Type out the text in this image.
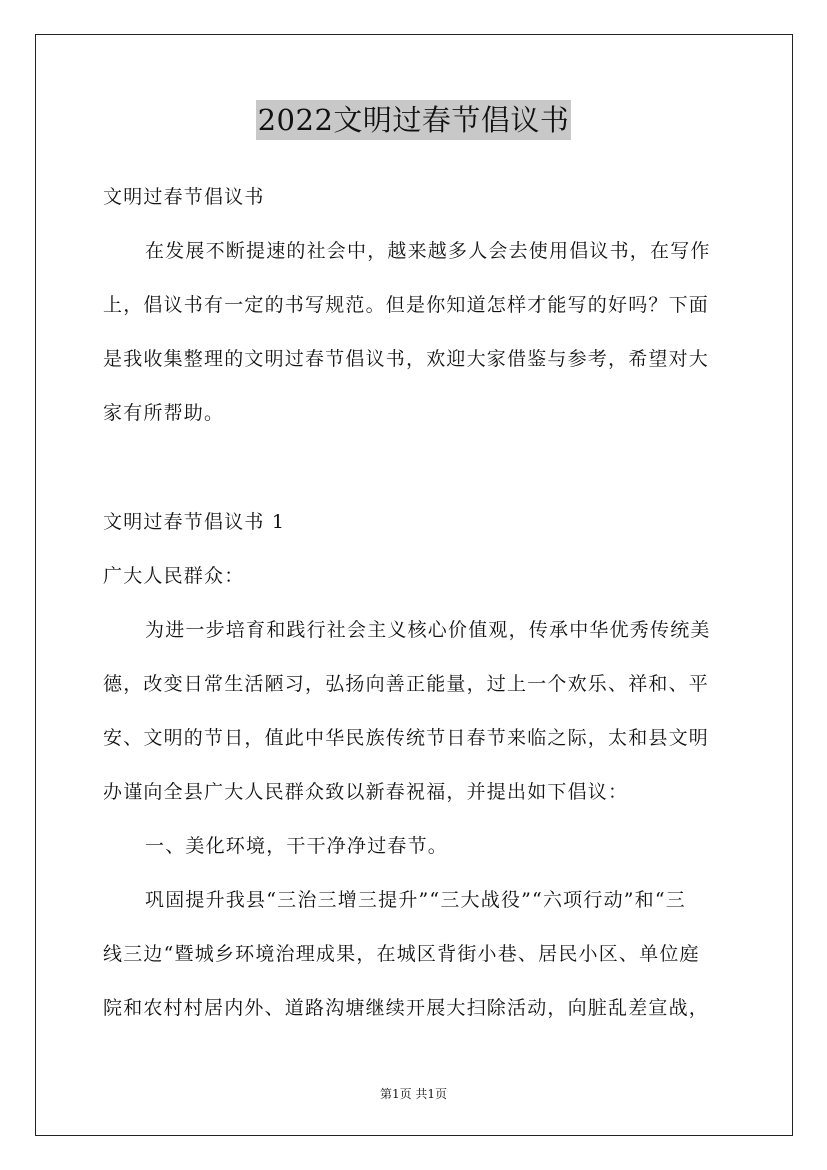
2022文明过春节倡议书
文明过春节倡议书
在发展不断提速的社会中，越来越多人会去使用倡议书，在写作
上，倡议书有一定的书写规范。但是你知道怎样才能写的好吗？下面
是我收集整理的文明过春节倡议书，欢迎大家借鉴与参考，希望对大
家有所帮助。
文明过春节倡议书 1
广大人民群众：
为进一步培育和践行社会主义核心价值观，传承中华优秀传统美
德，改变日常生活陋习，弘扬向善正能量，过上一个欢乐、祥和、平
安、文明的节日，值此中华民族传统节日春节来临之际，太和县文明
办谨向全县广大人民群众致以新春祝福，并提出如下倡议：
一、美化环境，干干净净过春节。
巩固提升我县“三治三增三提升”“三大战役”“六项行动”和“三
线三边“暨城乡环境治理成果，在城区背街小巷、居民小区、单位庭
院和农村村居内外、道路沟塘继续开展大扫除活动，向脏乱差宣战，
第1页 共1页
